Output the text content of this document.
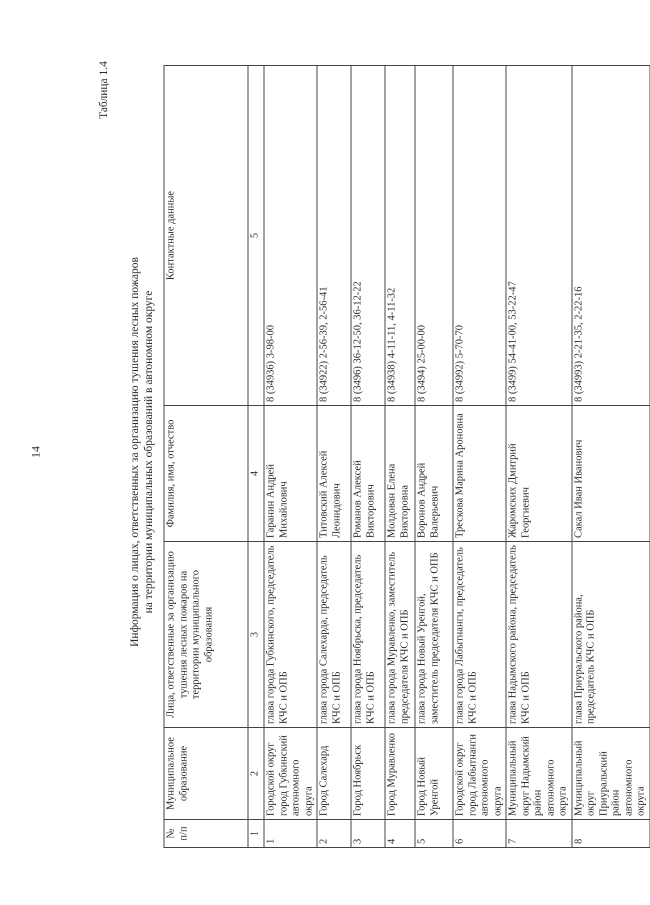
14
Таблица 1.4
Информация о лицах, ответственных за организацию тушения лесных пожаров на территории муниципальных образований в автономном округе
№ п/п	Муниципальное образование	Лица, ответственные за организацию тушения лесных пожаров на территории муниципального образования	Фамилия, имя, отчество	Контактные данные
1	2	3	4	5
1	Городской округ город Губкинский автономного округа	глава города Губкинского, председатель КЧС и ОПБ	Гаранин Андрей Михайлович	8 (34936) 3-98-00
2	Город Салехард	глава города Салехарда, председатель КЧС и ОПБ	Титовский Алексей Леонидович	8 (34922) 2-56-39, 2-56-41
3	Город Ноябрьск	глава города Ноябрьска, председатель КЧС и ОПБ	Романов Алексей Викторович	8 (3496) 36-12-50, 36-12-22
4	Город Муравленко	глава города Муравленко, заместитель председателя КЧС и ОПБ	Молдован Елена Викторовна	8 (34938) 4-11-11, 4-11-32
5	Город Новый Уренгой	глава города Новый Уренгой, заместитель председателя КЧС и ОПБ	Воронов Андрей Валерьевич	8 (3494) 25-00-00
6	Городской округ город Лабытнанги автономного округа	глава города Лабытнанги, председатель КЧС и ОПБ	Трескова Марина Ароновна	8 (34992) 5-70-70
7	Муниципальный округ Надымский район автономного округа	глава Надымского района, председатель КЧС и ОПБ	Жаромских Дмитрий Георгиевич	8 (3499) 54-41-00, 53-22-47
8	Муниципальный округ Приуральский район автономного округа	глава Приуральского района, председатель КЧС и ОПБ	Сакал Иван Иванович	8 (34993) 2-21-35, 2-22-16
